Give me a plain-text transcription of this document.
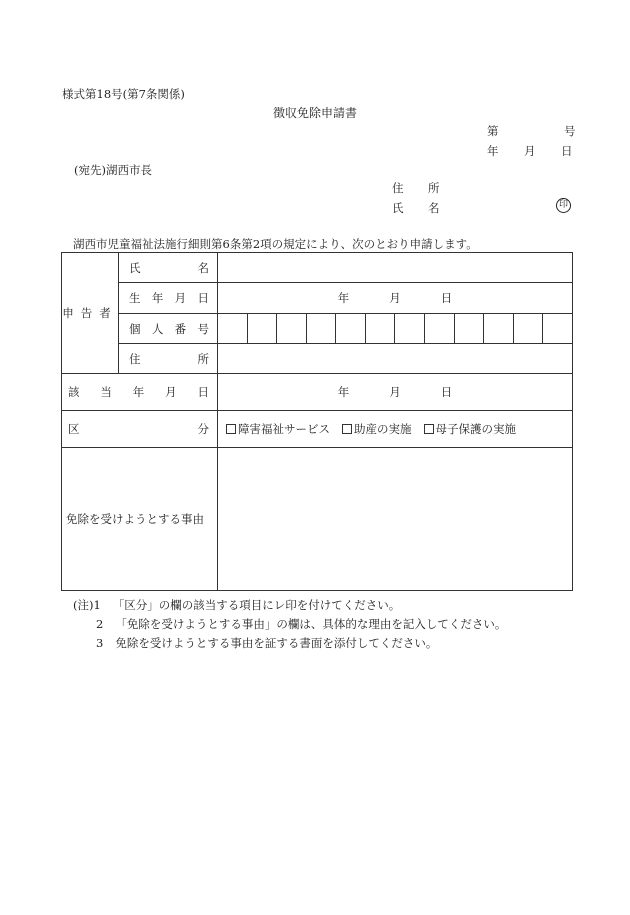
様式第18号(第7条関係)
徴収免除申請書
第	号
年 月 日
(宛先)湖西市長
住 所
氏 名	印
湖西市児童福祉法施行細則第6条第2項の規定により、次のとおり申請します。
申告者	氏 名	

	生 年 月 日	年 月 日

	個 人 番 号	

	住 所	

該 当 年 月 日		年 月 日

区 分		障害福祉サービス 助産の実施 母子保護の実施

免除を受けようとする事由		

(注)1 「区分」の欄の該当する項目にレ印を付けてください。
2 「免除を受けようとする事由」の欄は、具体的な理由を記入してください。
3 免除を受けようとする事由を証する書面を添付してください。
